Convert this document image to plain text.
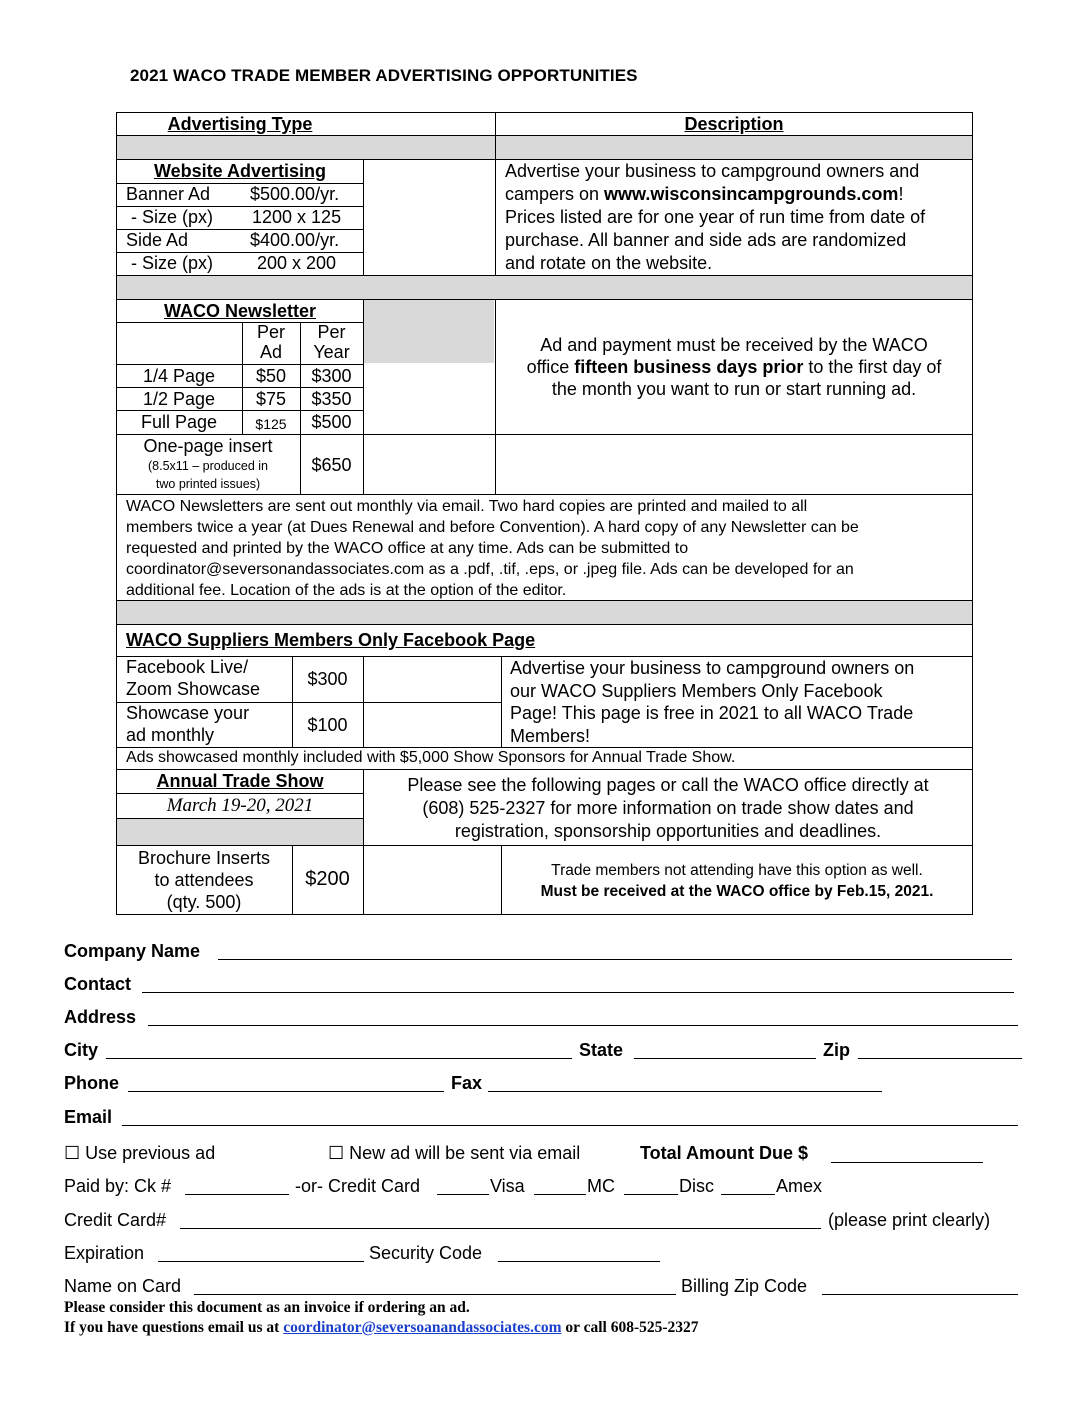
2021 WACO TRADE MEMBER ADVERTISING OPPORTUNITIES
Advertising Type	Description
Website Advertising
Banner Ad $500.00/yr.
- Size (px) 1200 x 125
Side Ad	$400.00/yr.
- Size (px) 200 x 200
Advertise your business to campground owners and
campers on www.wisconsincampgrounds.com!
Prices listed are for one year of run time from date of
purchase. All banner and side ads are randomized
and rotate on the website.
WACO Newsletter
Per
Ad
Per
Year
1/4 Page	$50	$300
1/2 Page	$75	$350
Full Page	$125	$500
One-page insert
(8.5x11 – produced in
two printed issues)
$650
Ad and payment must be received by the WACO
office fifteen business days prior to the first day of
the month you want to run or start running ad.
WACO Newsletters are sent out monthly via email. Two hard copies are printed and mailed to all
members twice a year (at Dues Renewal and before Convention). A hard copy of any Newsletter can be
requested and printed by the WACO office at any time. Ads can be submitted to
coordinator@seversonandassociates.com as a .pdf, .tif, .eps, or .jpeg file. Ads can be developed for an
additional fee. Location of the ads is at the option of the editor.
WACO Suppliers Members Only Facebook Page
Facebook Live/
Zoom Showcase	$300
Showcase your
ad monthly	$100
Advertise your business to campground owners on
our WACO Suppliers Members Only Facebook
Page! This page is free in 2021 to all WACO Trade
Members!
Ads showcased monthly included with $5,000 Show Sponsors for Annual Trade Show.
Annual Trade Show
March 19-20, 2021
Please see the following pages or call the WACO office directly at
(608) 525-2327 for more information on trade show dates and
registration, sponsorship opportunities and deadlines.
Brochure Inserts
to attendees
(qty. 500)
$200	Trade members not attending have this option as well.
Must be received at the WACO office by Feb.15, 2021.
Company Name
Contact
Address
City	State	Zip
Phone	Fax
Email
☐ Use previous ad	☐ New ad will be sent via email	Total Amount Due $
Paid by: Ck #	-or- Credit Card	Visa	MC	Disc	Amex
Credit Card#	(please print clearly)
Expiration	Security Code
Name on Card	Billing Zip Code
Please consider this document as an invoice if ordering an ad.
If you have questions email us at coordinator@seversoanandassociates.com or call 608-525-2327
